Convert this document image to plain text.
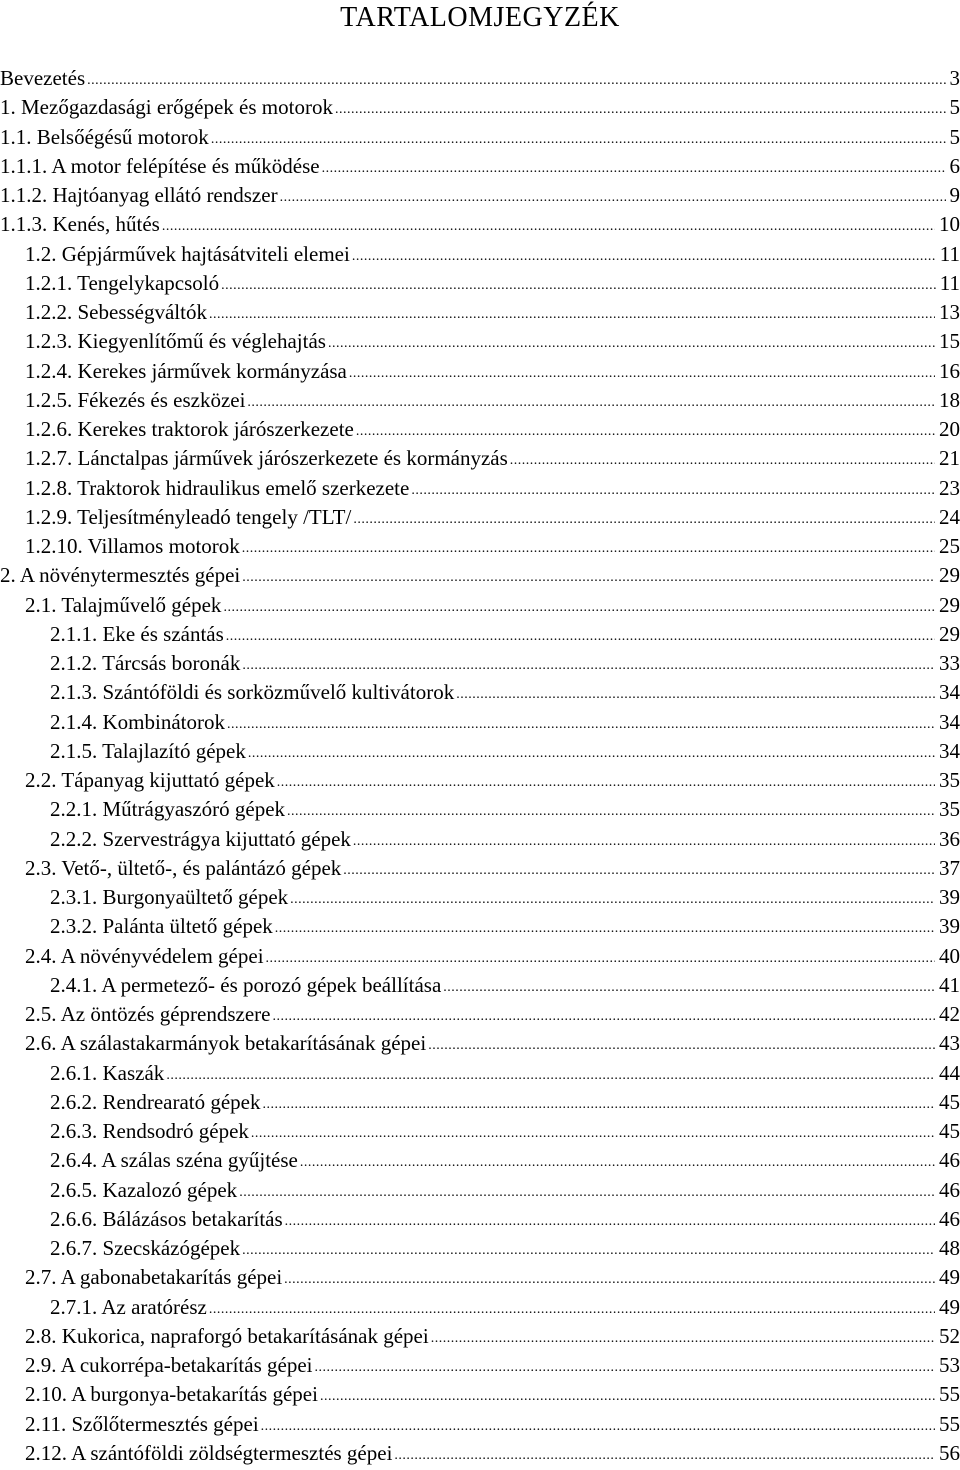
TARTALOMJEGYZÉK
Bevezetés .....	3
1. Mezőgazdasági erőgépek és motorok .....	5
1.1. Belsőégésű motorok .....	5
1.1.1. A motor felépítése és működése .....	6
1.1.2. Hajtóanyag ellátó rendszer .....	9
1.1.3. Kenés, hűtés .....	10
1.2. Gépjárművek hajtásátviteli elemei .....	11
1.2.1. Tengelykapcsoló .....	11
1.2.2. Sebességváltók .....	13
1.2.3. Kiegyenlítőmű és véglehajtás .....	15
1.2.4. Kerekes járművek kormányzása .....	16
1.2.5. Fékezés és eszközei .....	18
1.2.6. Kerekes traktorok járószerkezete .....	20
1.2.7. Lánctalpas járművek járószerkezete és kormányzás .....	21
1.2.8. Traktorok hidraulikus emelő szerkezete .....	23
1.2.9. Teljesítményleadó tengely /TLT/ .....	24
1.2.10. Villamos motorok .....	25
2. A növénytermesztés gépei .....	29
2.1. Talajművelő gépek .....	29
2.1.1. Eke és szántás .....	29
2.1.2. Tárcsás boronák .....	33
2.1.3. Szántóföldi és sorközművelő kultivátorok .....	34
2.1.4. Kombinátorok .....	34
2.1.5. Talajlazító gépek .....	34
2.2. Tápanyag kijuttató gépek .....	35
2.2.1. Műtrágyaszóró gépek .....	35
2.2.2. Szervestrágya kijuttató gépek .....	36
2.3. Vető-, ültető-, és palántázó gépek .....	37
2.3.1. Burgonyaültető gépek .....	39
2.3.2. Palánta ültető gépek .....	39
2.4. A növényvédelem gépei .....	40
2.4.1. A permetező- és porozó gépek beállítása .....	41
2.5. Az öntözés géprendszere .....	42
2.6. A szálastakarmányok betakarításának gépei .....	43
2.6.1. Kaszák .....	44
2.6.2. Rendrearató gépek .....	45
2.6.3. Rendsodró gépek .....	45
2.6.4. A szálas széna gyűjtése .....	46
2.6.5. Kazalozó gépek .....	46
2.6.6. Bálázásos betakarítás .....	46
2.6.7. Szecskázógépek .....	48
2.7. A gabonabetakarítás gépei .....	49
2.7.1. Az aratórész .....	49
2.8. Kukorica, napraforgó betakarításának gépei .....	52
2.9. A cukorrépa-betakarítás gépei .....	53
2.10. A burgonya-betakarítás gépei .....	55
2.11. Szőlőtermesztés gépei .....	55
2.12. A szántóföldi zöldségtermesztés gépei .....	56
